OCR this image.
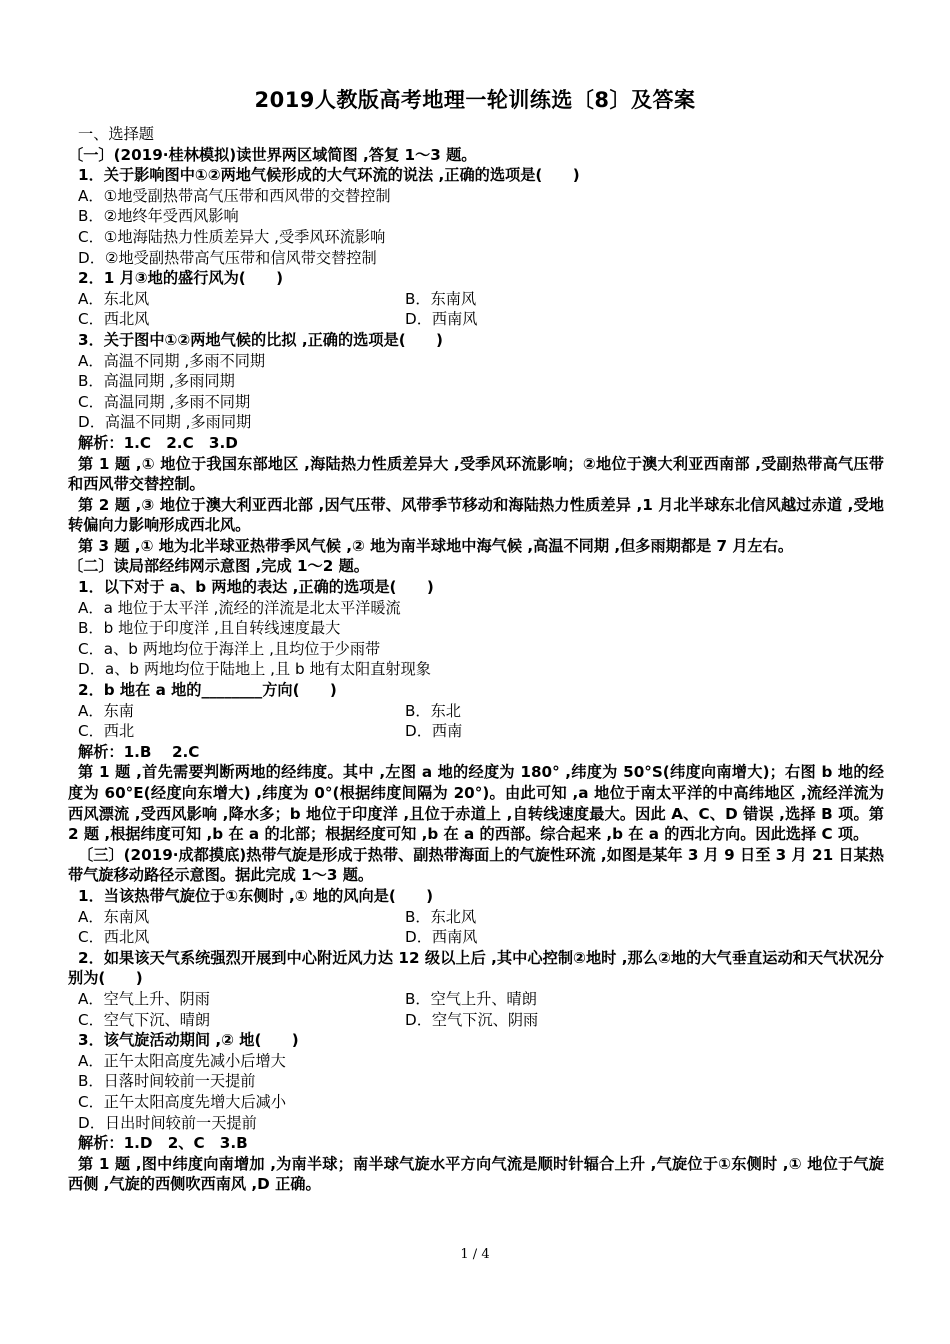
2019人教版高考地理一轮训练选〔8〕及答案

一、选择题

〔一〕(2019·桂林模拟)读世界两区域简图 ,答复 1～3 题。

1．关于影响图中①②两地气候形成的大气环流的说法 ,正确的选项是(　　)

A．①地受副热带高气压带和西风带的交替控制

B．②地终年受西风影响

C．①地海陆热力性质差异大 ,受季风环流影响

D．②地受副热带高气压带和信风带交替控制

2．1 月③地的盛行风为(　　)

A．东北风	B．东南风
C．西北风	D．西南风

3．关于图中①②两地气候的比拟 ,正确的选项是(　　)

A．高温不同期 ,多雨不同期

B．高温同期 ,多雨同期

C．高温同期 ,多雨不同期

D．高温不同期 ,多雨同期

解析：1.C　2.C　3.D

第 1 题 ,① 地位于我国东部地区 ,海陆热力性质差异大 ,受季风环流影响；②地位于澳大利亚西南部 ,受副热带高气压带和西风带交替控制。

第 2 题 ,③ 地位于澳大利亚西北部 ,因气压带、风带季节移动和海陆热力性质差异 ,1 月北半球东北信风越过赤道 ,受地转偏向力影响形成西北风。

第 3 题 ,① 地为北半球亚热带季风气候 ,② 地为南半球地中海气候 ,高温不同期 ,但多雨期都是 7 月左右。

〔二〕读局部经纬网示意图 ,完成 1～2 题。

1．以下对于 a、b 两地的表达 ,正确的选项是(　　)

A．a 地位于太平洋 ,流经的洋流是北太平洋暖流

B．b 地位于印度洋 ,且自转线速度最大

C．a、b 两地均位于海洋上 ,且均位于少雨带

D．a、b 两地均位于陆地上 ,且 b 地有太阳直射现象

2．b 地在 a 地的________方向(　　)

A．东南	B．东北
C．西北	D．西南

解析：1.B　 2.C

第 1 题 ,首先需要判断两地的经纬度。其中 ,左图 a 地的经度为 180° ,纬度为 50°S(纬度向南增大)；右图 b 地的经度为 60°E(经度向东增大) ,纬度为 0°(根据纬度间隔为 20°)。由此可知 ,a 地位于南太平洋的中高纬地区 ,流经洋流为西风漂流 ,受西风影响 ,降水多；b 地位于印度洋 ,且位于赤道上 ,自转线速度最大。因此 A、C、D 错误 ,选择 B 项。第 2 题 ,根据纬度可知 ,b 在 a 的北部；根据经度可知 ,b 在 a 的西部。综合起来 ,b 在 a 的西北方向。因此选择 C 项。

〔三〕(2019·成都摸底)热带气旋是形成于热带、副热带海面上的气旋性环流 ,如图是某年 3 月 9 日至 3 月 21 日某热带气旋移动路径示意图。据此完成 1～3 题。

1．当该热带气旋位于①东侧时 ,① 地的风向是(　　)

A．东南风	B．东北风
C．西北风	D．西南风

2．如果该天气系统强烈开展到中心附近风力达 12 级以上后 ,其中心控制②地时 ,那么②地的大气垂直运动和天气状况分别为(　　)

A．空气上升、阴雨	B．空气上升、晴朗
C．空气下沉、晴朗	D．空气下沉、阴雨

3．该气旋活动期间 ,② 地(　　)

A．正午太阳高度先减小后增大

B．日落时间较前一天提前

C．正午太阳高度先增大后减小

D．日出时间较前一天提前

解析：1.D　2、C　3.B

第 1 题 ,图中纬度向南增加 ,为南半球；南半球气旋水平方向气流是顺时针辐合上升 ,气旋位于①东侧时 ,① 地位于气旋西侧 ,气旋的西侧吹西南风 ,D 正确。

1 / 4
